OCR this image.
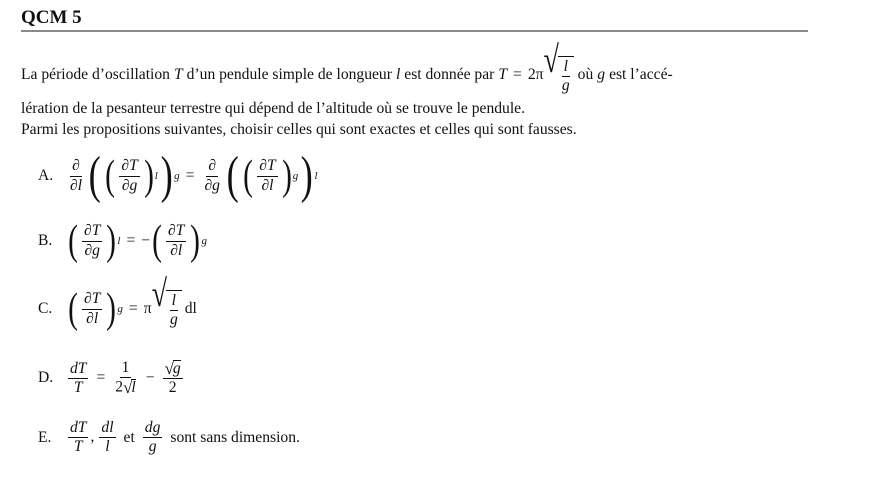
QCM 5
La période d’oscillation T d’un pendule simple de longueur l est donnée par T = 2π √ $\frac{l}{g}$ où g est l’accé-
lération de la pesanteur terrestre qui dépend de l’altitude où se trouve le pendule.
Parmi les propositions suivantes, choisir celles qui sont exactes et celles qui sont fausses.
A. $\frac{\partial}{\partial l}$ ( ( $\frac{\partial T}{\partial g}$ ) l ) $g = \frac{\partial}{\partial g}$ ( ( $\frac{\partial T}{\partial l}$ ) g ) l
B. ( $\frac{\partial T}{\partial g}$ ) l = − ( $\frac{\partial T}{\partial l}$ ) g
C. ( $\frac{\partial T}{\partial l}$ ) g = π √ $\frac{l}{g}$ dl
D. $\frac{dT}{T} = \frac{1}{2 √ l} - \frac{√ g}{2}$
E.	$\frac{dT}{T}$ , $\frac{dl}{l}$ et $\frac{dg}{g}$ sont sans dimension.
